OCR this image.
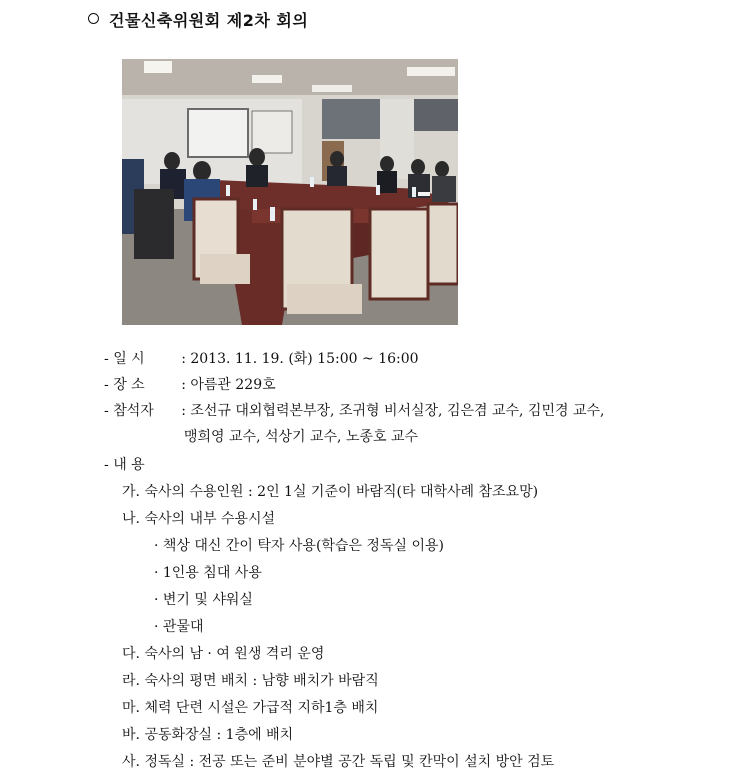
건물신축위원회 제2차 회의
- 일 시	: 2013. 11. 19. (화) 15:00 ~ 16:00
- 장 소	: 아름관 229호
- 참석자 : 조선규 대외협력본부장, 조귀형 비서실장, 김은겸 교수, 김민경 교수,
맹희영 교수, 석상기 교수, 노종호 교수
- 내 용
가. 숙사의 수용인원 : 2인 1실 기준이 바람직(타 대학사례 참조요망)
나. 숙사의 내부 수용시설
· 책상 대신 간이 탁자 사용(학습은 정독실 이용)
· 1인용 침대 사용
· 변기 및 샤워실
· 관물대
다. 숙사의 남 · 여 원생 격리 운영
라. 숙사의 평면 배치 : 남향 배치가 바람직
마. 체력 단련 시설은 가급적 지하1층 배치
바. 공동화장실 : 1층에 배치
사. 정독실 : 전공 또는 준비 분야별 공간 독립 및 칸막이 설치 방안 검토
